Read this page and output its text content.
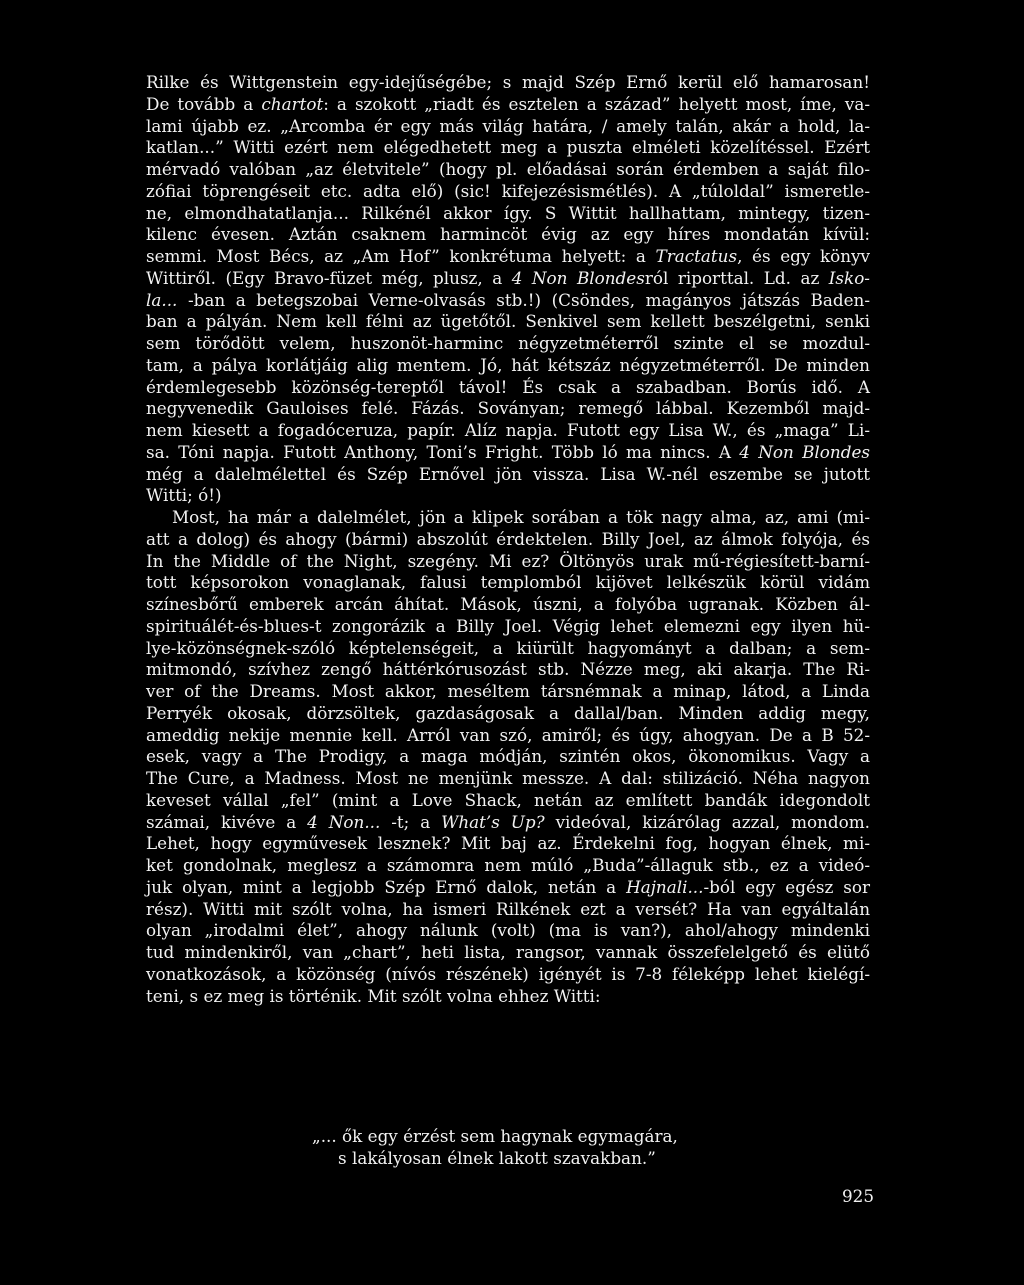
Rilke és Wittgenstein egy-idejűségébe; s majd Szép Ernő kerül elő hamarosan!
De tovább a chartot: a szokott „riadt és esztelen a század” helyett most, íme, va-
lami újabb ez. „Arcomba ér egy más világ határa, / amely talán, akár a hold, la-
katlan...” Witti ezért nem elégedhetett meg a puszta elméleti közelítéssel. Ezért
mérvadó valóban „az életvitele” (hogy pl. előadásai során érdemben a saját filo-
zófiai töprengéseit etc. adta elő) (sic! kifejezésismétlés). A „túloldal” ismeretle-
ne, elmondhatatlanja... Rilkénél akkor így. S Wittit hallhattam, mintegy, tizen-
kilenc évesen. Aztán csaknem harmincöt évig az egy híres mondatán kívül:
semmi. Most Bécs, az „Am Hof” konkrétuma helyett: a Tractatus, és egy könyv
Wittiről. (Egy Bravo-füzet még, plusz, a 4 Non Blondesról riporttal. Ld. az Isko-
la... -ban a betegszobai Verne-olvasás stb.!) (Csöndes, magányos játszás Baden-
ban a pályán. Nem kell félni az ügetőtől. Senkivel sem kellett beszélgetni, senki
sem törődött velem, huszonöt-harminc négyzetméterről szinte el se mozdul-
tam, a pálya korlátjáig alig mentem. Jó, hát kétszáz négyzetméterről. De minden
érdemlegesebb közönség-tereptől távol! És csak a szabadban. Borús idő. A
negyvenedik Gauloises felé. Fázás. Soványan; remegő lábbal. Kezemből majd-
nem kiesett a fogadóceruza, papír. Alíz napja. Futott egy Lisa W., és „maga” Li-
sa. Tóni napja. Futott Anthony, Toni’s Fright. Több ló ma nincs. A 4 Non Blondes
még a dalelmélettel és Szép Ernővel jön vissza. Lisa W.-nél eszembe se jutott
Witti; ó!)
Most, ha már a dalelmélet, jön a klipek sorában a tök nagy alma, az, ami (mi-
att a dolog) és ahogy (bármi) abszolút érdektelen. Billy Joel, az álmok folyója, és
In the Middle of the Night, szegény. Mi ez? Öltönyös urak mű-régiesített-barní-
tott képsorokon vonaglanak, falusi templomból kijövet lelkészük körül vidám
színesbőrű emberek arcán áhítat. Mások, úszni, a folyóba ugranak. Közben ál-
spirituálét-és-blues-t zongorázik a Billy Joel. Végig lehet elemezni egy ilyen hü-
lye-közönségnek-szóló képtelenségeit, a kiürült hagyományt a dalban; a sem-
mitmondó, szívhez zengő háttérkórusozást stb. Nézze meg, aki akarja. The Ri-
ver of the Dreams. Most akkor, meséltem társnémnak a minap, látod, a Linda
Perryék okosak, dörzsöltek, gazdaságosak a dallal/ban. Minden addig megy,
ameddig nekije mennie kell. Arról van szó, amiről; és úgy, ahogyan. De a B 52-
esek, vagy a The Prodigy, a maga módján, szintén okos, ökonomikus. Vagy a
The Cure, a Madness. Most ne menjünk messze. A dal: stilizáció. Néha nagyon
keveset vállal „fel” (mint a Love Shack, netán az említett bandák idegondolt
számai, kivéve a 4 Non... -t; a What’s Up? videóval, kizárólag azzal, mondom.
Lehet, hogy egyművesek lesznek? Mit baj az. Érdekelni fog, hogyan élnek, mi-
ket gondolnak, meglesz a számomra nem múló „Buda”-állaguk stb., ez a videó-
juk olyan, mint a legjobb Szép Ernő dalok, netán a Hajnali...-ból egy egész sor
rész). Witti mit szólt volna, ha ismeri Rilkének ezt a versét? Ha van egyáltalán
olyan „irodalmi élet”, ahogy nálunk (volt) (ma is van?), ahol/ahogy mindenki
tud mindenkiről, van „chart”, heti lista, rangsor, vannak összefelelgető és elütő
vonatkozások, a közönség (nívós részének) igényét is 7-8 féleképp lehet kielégí-
teni, s ez meg is történik. Mit szólt volna ehhez Witti:
„... ők egy érzést sem hagynak egymagára,
s lakályosan élnek lakott szavakban.”
925
